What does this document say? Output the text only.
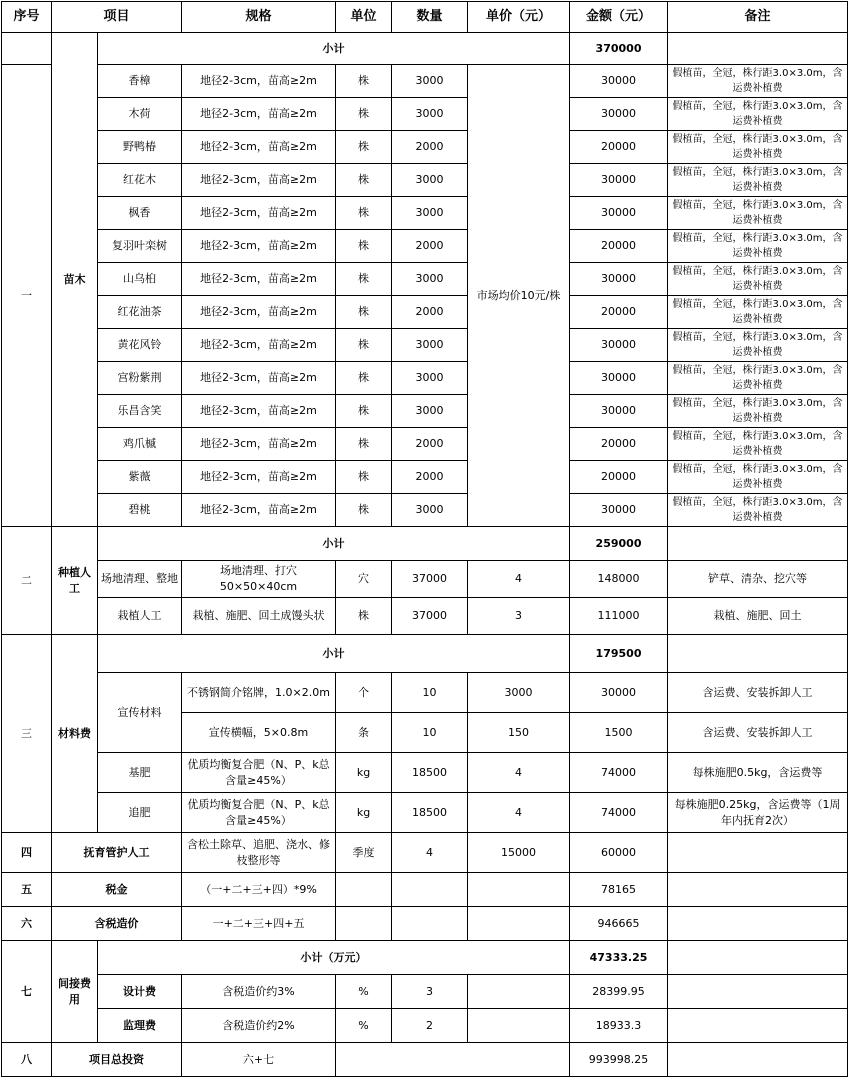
序号	项目		规格	单位	数量	单价（元）	金额（元）	备注
	苗木	小计					370000	
一		香樟	地径2-3cm，苗高≥2m	株	3000	市场均价10元/株	30000	假植苗，全冠，株行距3.0×3.0m，含运费补植费
		木荷	地径2-3cm，苗高≥2m	株	3000		30000	假植苗，全冠，株行距3.0×3.0m，含运费补植费
		野鸭椿	地径2-3cm，苗高≥2m	株	2000		20000	假植苗，全冠，株行距3.0×3.0m，含运费补植费
		红花木	地径2-3cm，苗高≥2m	株	3000		30000	假植苗，全冠，株行距3.0×3.0m，含运费补植费
		枫香	地径2-3cm，苗高≥2m	株	3000		30000	假植苗，全冠，株行距3.0×3.0m，含运费补植费
		复羽叶栾树	地径2-3cm，苗高≥2m	株	2000		20000	假植苗，全冠，株行距3.0×3.0m，含运费补植费
		山乌桕	地径2-3cm，苗高≥2m	株	3000		30000	假植苗，全冠，株行距3.0×3.0m，含运费补植费
		红花油茶	地径2-3cm，苗高≥2m	株	2000		20000	假植苗，全冠，株行距3.0×3.0m，含运费补植费
		黄花风铃	地径2-3cm，苗高≥2m	株	3000		30000	假植苗，全冠，株行距3.0×3.0m，含运费补植费
		宫粉紫荆	地径2-3cm，苗高≥2m	株	3000		30000	假植苗，全冠，株行距3.0×3.0m，含运费补植费
		乐昌含笑	地径2-3cm，苗高≥2m	株	3000		30000	假植苗，全冠，株行距3.0×3.0m，含运费补植费
		鸡爪槭	地径2-3cm，苗高≥2m	株	2000		20000	假植苗，全冠，株行距3.0×3.0m，含运费补植费
		紫薇	地径2-3cm，苗高≥2m	株	2000		20000	假植苗，全冠，株行距3.0×3.0m，含运费补植费
		碧桃	地径2-3cm，苗高≥2m	株	3000		30000	假植苗，全冠，株行距3.0×3.0m，含运费补植费
二	种植人工	小计					259000	
		场地清理、整地	场地清理、打穴50×50×40cm	穴	37000	4	148000	铲草、清杂、挖穴等
		栽植人工	栽植、施肥、回土成馒头状	株	37000	3	111000	栽植、施肥、回土
三	材料费	小计					179500	
		宣传材料	不锈钢简介铭牌，1.0×2.0m	个	10	3000	30000	含运费、安装拆卸人工
			宣传横幅，5×0.8m	条	10	150	1500	含运费、安装拆卸人工
		基肥	优质均衡复合肥（N、P、k总含量≥45%）	kg	18500	4	74000	每株施肥0.5kg，含运费等
		追肥	优质均衡复合肥（N、P、k总含量≥45%）	kg	18500	4	74000	每株施肥0.25kg，含运费等（1周年内抚育2次）
四	抚育管护人工		含松土除草、追肥、浇水、修枝整形等	季度	4	15000	60000	
五	税金		（一+二+三+四）*9%				78165	
六	含税造价		一+二+三+四+五				946665	
七	间接费用	小计（万元）					47333.25	
		设计费	含税造价约3%	%	3		28399.95	
		监理费	含税造价约2%	%	2		18933.3	
八	项目总投资		六+七				993998.25	
